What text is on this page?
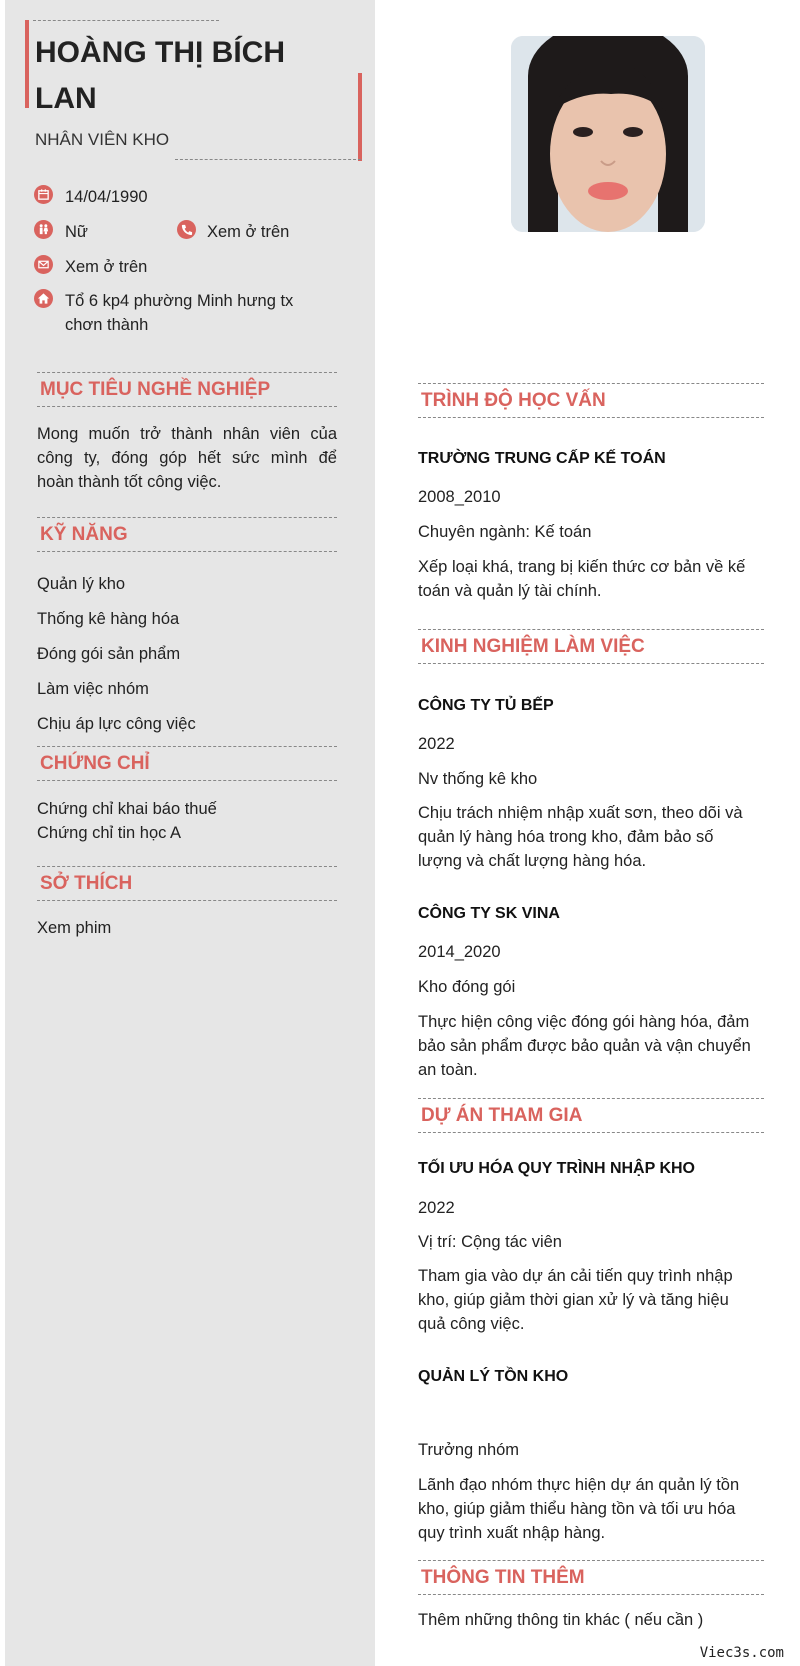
HOÀNG THỊ BÍCH
LAN
NHÂN VIÊN KHO
14/04/1990
Nữ	Xem ở trên
Xem ở trên
Tổ 6 kp4 phường Minh hưng tx
chơn thành
MỤC TIÊU NGHỀ NGHIỆP
Mong muốn trở thành nhân viên của
công ty, đóng góp hết sức mình để
hoàn thành tốt công việc.
KỸ NĂNG
Quản lý kho
Thống kê hàng hóa
Đóng gói sản phẩm
Làm việc nhóm
Chịu áp lực công việc
CHỨNG CHỈ
Chứng chỉ khai báo thuế
Chứng chỉ tin học A
SỞ THÍCH
Xem phim
TRÌNH ĐỘ HỌC VẤN
TRƯỜNG TRUNG CẤP KẾ TOÁN
2008_2010
Chuyên ngành: Kế toán
Xếp loại khá, trang bị kiến thức cơ bản về kế
toán và quản lý tài chính.
KINH NGHIỆM LÀM VIỆC
CÔNG TY TỦ BẾP
2022
Nv thống kê kho
Chịu trách nhiệm nhập xuất sơn, theo dõi và
quản lý hàng hóa trong kho, đảm bảo số
lượng và chất lượng hàng hóa.
CÔNG TY SK VINA
2014_2020
Kho đóng gói
Thực hiện công việc đóng gói hàng hóa, đảm
bảo sản phẩm được bảo quản và vận chuyển
an toàn.
DỰ ÁN THAM GIA
TỐI ƯU HÓA QUY TRÌNH NHẬP KHO
2022
Vị trí: Cộng tác viên
Tham gia vào dự án cải tiến quy trình nhập
kho, giúp giảm thời gian xử lý và tăng hiệu
quả công việc.
QUẢN LÝ TỒN KHO
Trưởng nhóm
Lãnh đạo nhóm thực hiện dự án quản lý tồn
kho, giúp giảm thiểu hàng tồn và tối ưu hóa
quy trình xuất nhập hàng.
THÔNG TIN THÊM
Thêm những thông tin khác ( nếu cần )
Viec3s.com
